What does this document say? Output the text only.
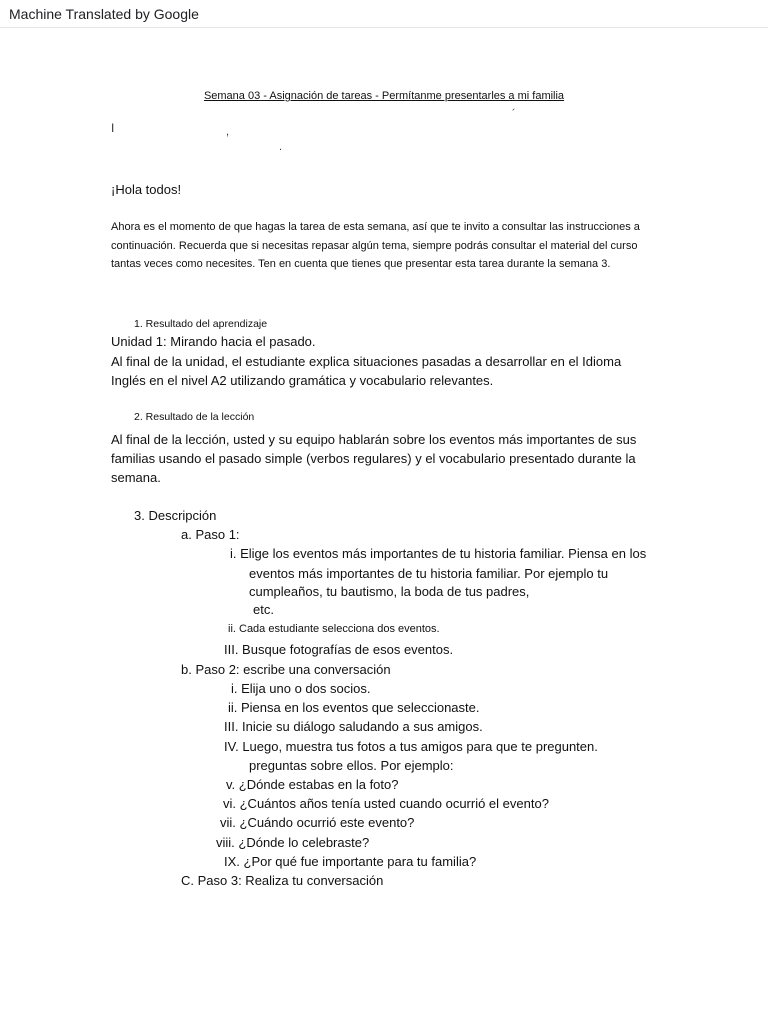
Machine Translated by Google
Semana 03 - Asignación de tareas - Permítanme presentarles a mi familia
´
I	,
.
¡Hola todos!
Ahora es el momento de que hagas la tarea de esta semana, así que te invito a consultar las instrucciones a continuación. Recuerda que si necesitas repasar algún tema, siempre podrás consultar el material del curso tantas veces como necesites. Ten en cuenta que tienes que presentar esta tarea durante la semana 3.
1. Resultado del aprendizaje
Unidad 1: Mirando hacia el pasado.
Al final de la unidad, el estudiante explica situaciones pasadas a desarrollar en el Idioma Inglés en el nivel A2 utilizando gramática y vocabulario relevantes.
2. Resultado de la lección
Al final de la lección, usted y su equipo hablarán sobre los eventos más importantes de sus familias usando el pasado simple (verbos regulares) y el vocabulario presentado durante la semana.
3. Descripción
a. Paso 1:
i. Elige los eventos más importantes de tu historia familiar. Piensa en los
eventos más importantes de tu historia familiar. Por ejemplo tu
cumpleaños, tu bautismo, la boda de tus padres,
etc.
ii. Cada estudiante selecciona dos eventos.
III. Busque fotografías de esos eventos.
b. Paso 2: escribe una conversación
i. Elija uno o dos socios.
ii. Piensa en los eventos que seleccionaste.
III. Inicie su diálogo saludando a sus amigos.
IV. Luego, muestra tus fotos a tus amigos para que te pregunten.
preguntas sobre ellos. Por ejemplo:
v. ¿Dónde estabas en la foto?
vi. ¿Cuántos años tenía usted cuando ocurrió el evento?
vii. ¿Cuándo ocurrió este evento?
viii. ¿Dónde lo celebraste?
IX. ¿Por qué fue importante para tu familia?
C. Paso 3: Realiza tu conversación
